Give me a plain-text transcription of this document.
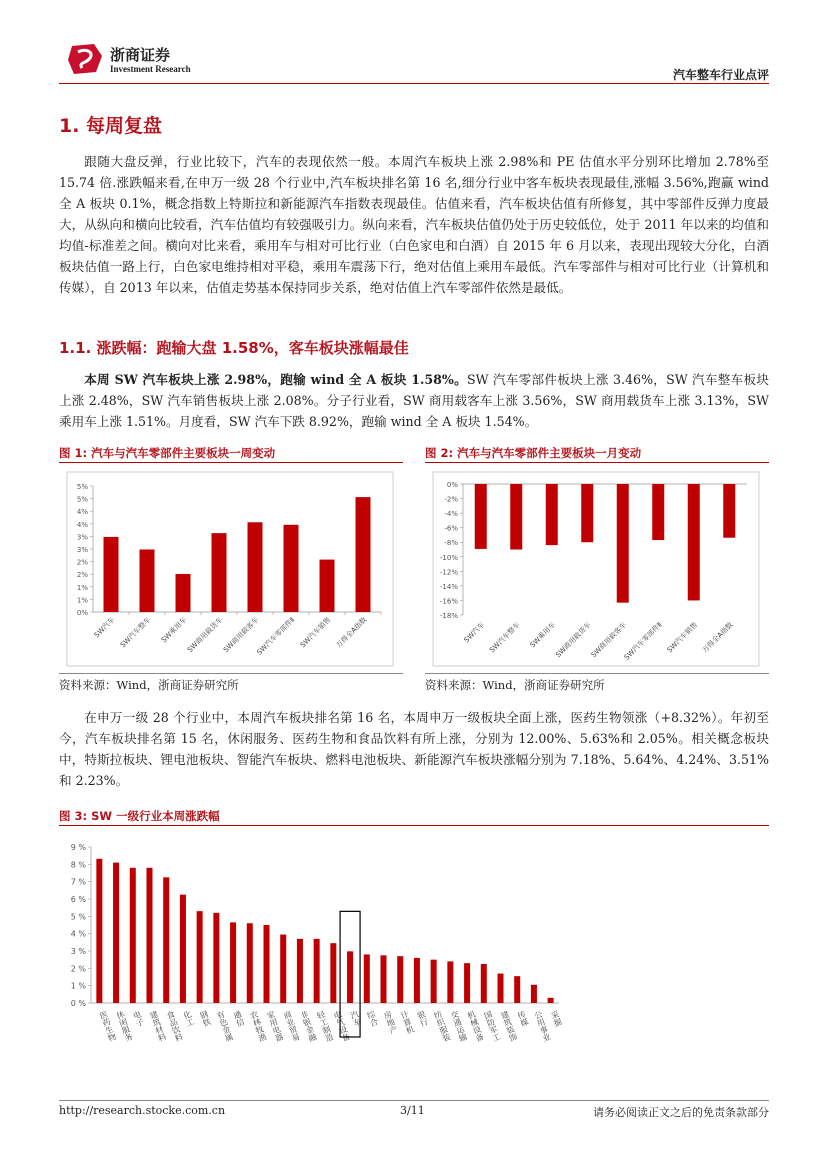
浙商证券
Investment Research	汽车整车行业点评
1. 每周复盘

跟随大盘反弹，行业比较下，汽车的表现依然一般。本周汽车板块上涨 2.98%和 PE 估值水平分别环比增加 2.78%至 15.74 倍.涨跌幅来看,在申万一级 28 个行业中,汽车板块排名第 16 名,细分行业中客车板块表现最佳,涨幅 3.56%,跑赢 wind 全 A 板块 0.1%，概念指数上特斯拉和新能源汽车指数表现最佳。估值来看，汽车板块估值有所修复，其中零部件反弹力度最大，从纵向和横向比较看，汽车估值均有较强吸引力。纵向来看，汽车板块估值仍处于历史较低位，处于 2011 年以来的均值和均值-标准差之间。横向对比来看，乘用车与相对可比行业（白色家电和白酒）自 2015 年 6 月以来，表现出现较大分化，白酒板块估值一路上行，白色家电维持相对平稳，乘用车震荡下行，绝对估值上乘用车最低。汽车零部件与相对可比行业（计算机和传媒），自 2013 年以来，估值走势基本保持同步关系，绝对估值上汽车零部件依然是最低。

1.1. 涨跌幅：跑输大盘 1.58%，客车板块涨幅最佳

本周 SW 汽车板块上涨 2.98%，跑输 wind 全 A 板块 1.58%。SW 汽车零部件板块上涨 3.46%，SW 汽车整车板块上涨 2.48%，SW 汽车销售板块上涨 2.08%。分子行业看，SW 商用载客车上涨 3.56%，SW 商用载货车上涨 3.13%，SW 乘用车上涨 1.51%。月度看，SW 汽车下跌 8.92%，跑输 wind 全 A 板块 1.54%。

图 1: 汽车与汽车零部件主要板块一周变动
0%
1%
1%
2%
2%
3%
3%
4%
4%
5%
5%
SW汽车 SW汽车整车 SW乘用车
SW商用载货车
SW商用载客车
SW汽车零部件Ⅱ SW汽车销售 万得全A指数
资料来源：Wind，浙商证券研究所
图 2: 汽车与汽车零部件主要板块一月变动
0%
-2%
-4%
-6%
-8%
-10%
-12%
-14%
-16%
-18%
SW汽车 SW汽车整车 SW乘用车
SW商用载货车
SW商用载客车
SW汽车零部件Ⅱ SW汽车销售 万得全A指数
资料来源：Wind，浙商证券研究所

在申万一级 28 个行业中，本周汽车板块排名第 16 名，本周申万一级板块全面上涨，医药生物领涨（+8.32%）。年初至今，汽车板块排名第 15 名，休闲服务、医药生物和食品饮料有所上涨，分别为 12.00%、5.63%和 2.05%。相关概念板块中，特斯拉板块、锂电池板块、智能汽车板块、燃料电池板块、新能源汽车板块涨幅分别为 7.18%、5.64%、4.24%、3.51%和 2.23%。

图 3: SW 一级行业本周涨跌幅
0 %
1 %
2 %
3 %
4 %
5 %
6 %
7 %
8 %
9 %
医药生物
休闲服务
电子 建筑材料
食品饮料
化工 钢铁 有色金属
通信 农林牧渔
家用电器
商业贸易
非银金融
轻工制造
电气设备
汽车 综合 房地产 计算机 银行 纺织服装
交通运输
机械设备
国防军工
建筑装饰
传媒 公用事业
采掘
http://research.stocke.com.cn	3/11	请务必阅读正文之后的免责条款部分
